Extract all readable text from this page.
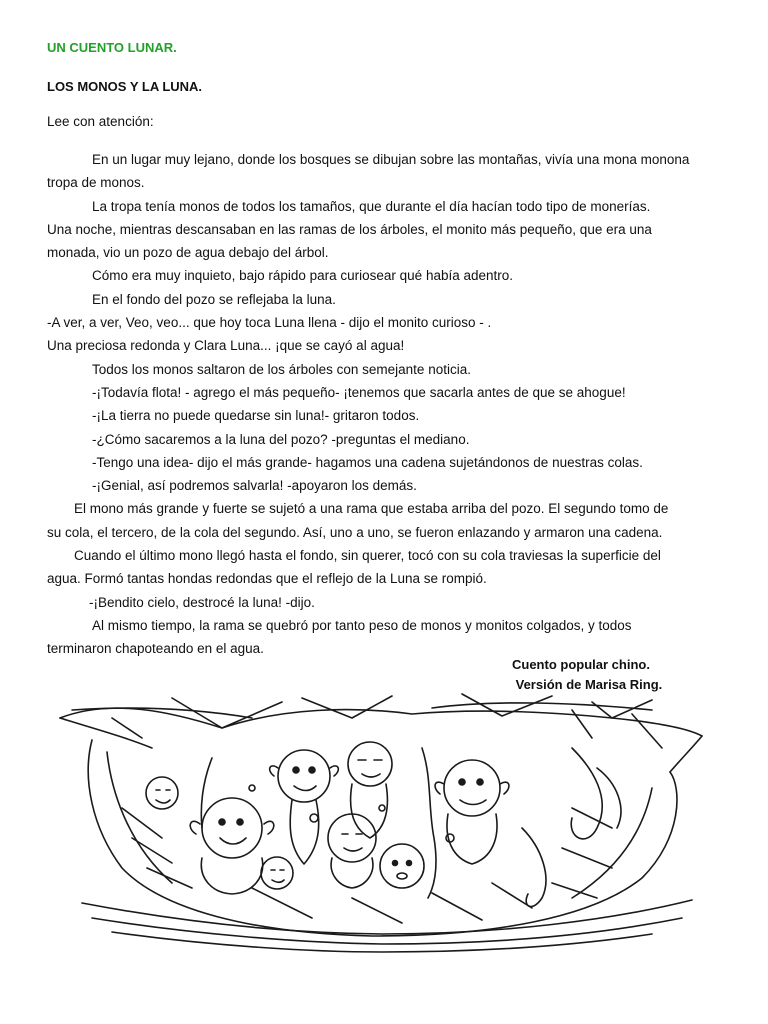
UN CUENTO LUNAR.
LOS MONOS Y LA LUNA.
Lee con atención:
En un lugar muy lejano, donde los bosques se dibujan sobre las montañas, vivía una mona monona
tropa de monos.
La tropa tenía monos de todos los tamaños, que durante el día hacían todo tipo de monerías.
Una noche, mientras descansaban en las ramas de los árboles, el monito más pequeño, que era una
monada, vio un pozo de agua debajo del árbol.
Cómo era muy inquieto, bajo rápido para curiosear qué había adentro.
En el fondo del pozo se reflejaba la luna.
-A ver, a ver, Veo, veo... que hoy toca Luna llena - dijo el monito curioso - .
Una preciosa redonda y Clara Luna... ¡que se cayó al agua!
Todos los monos saltaron de los árboles con semejante noticia.
-¡Todavía flota! - agrego el más pequeño- ¡tenemos que sacarla antes de que se ahogue!
-¡La tierra no puede quedarse sin luna!- gritaron todos.
-¿Cómo sacaremos a la luna del pozo? -preguntas el mediano.
-Tengo una idea- dijo el más grande- hagamos una cadena sujetándonos de nuestras colas.
-¡Genial, así podremos salvarla! -apoyaron los demás.
El mono más grande y fuerte se sujetó a una rama que estaba arriba del pozo. El segundo tomo de
su cola, el tercero, de la cola del segundo. Así, uno a uno, se fueron enlazando y armaron una cadena.
Cuando el último mono llegó hasta el fondo, sin querer, tocó con su cola traviesas la superficie del
agua. Formó tantas hondas redondas que el reflejo de la Luna se rompió.
-¡Bendito cielo, destrocé la luna! -dijo.
Al mismo tiempo, la rama se quebró por tanto peso de monos y monitos colgados, y todos
terminaron chapoteando en el agua.
Cuento popular chino.
Versión de Marisa Ring.
